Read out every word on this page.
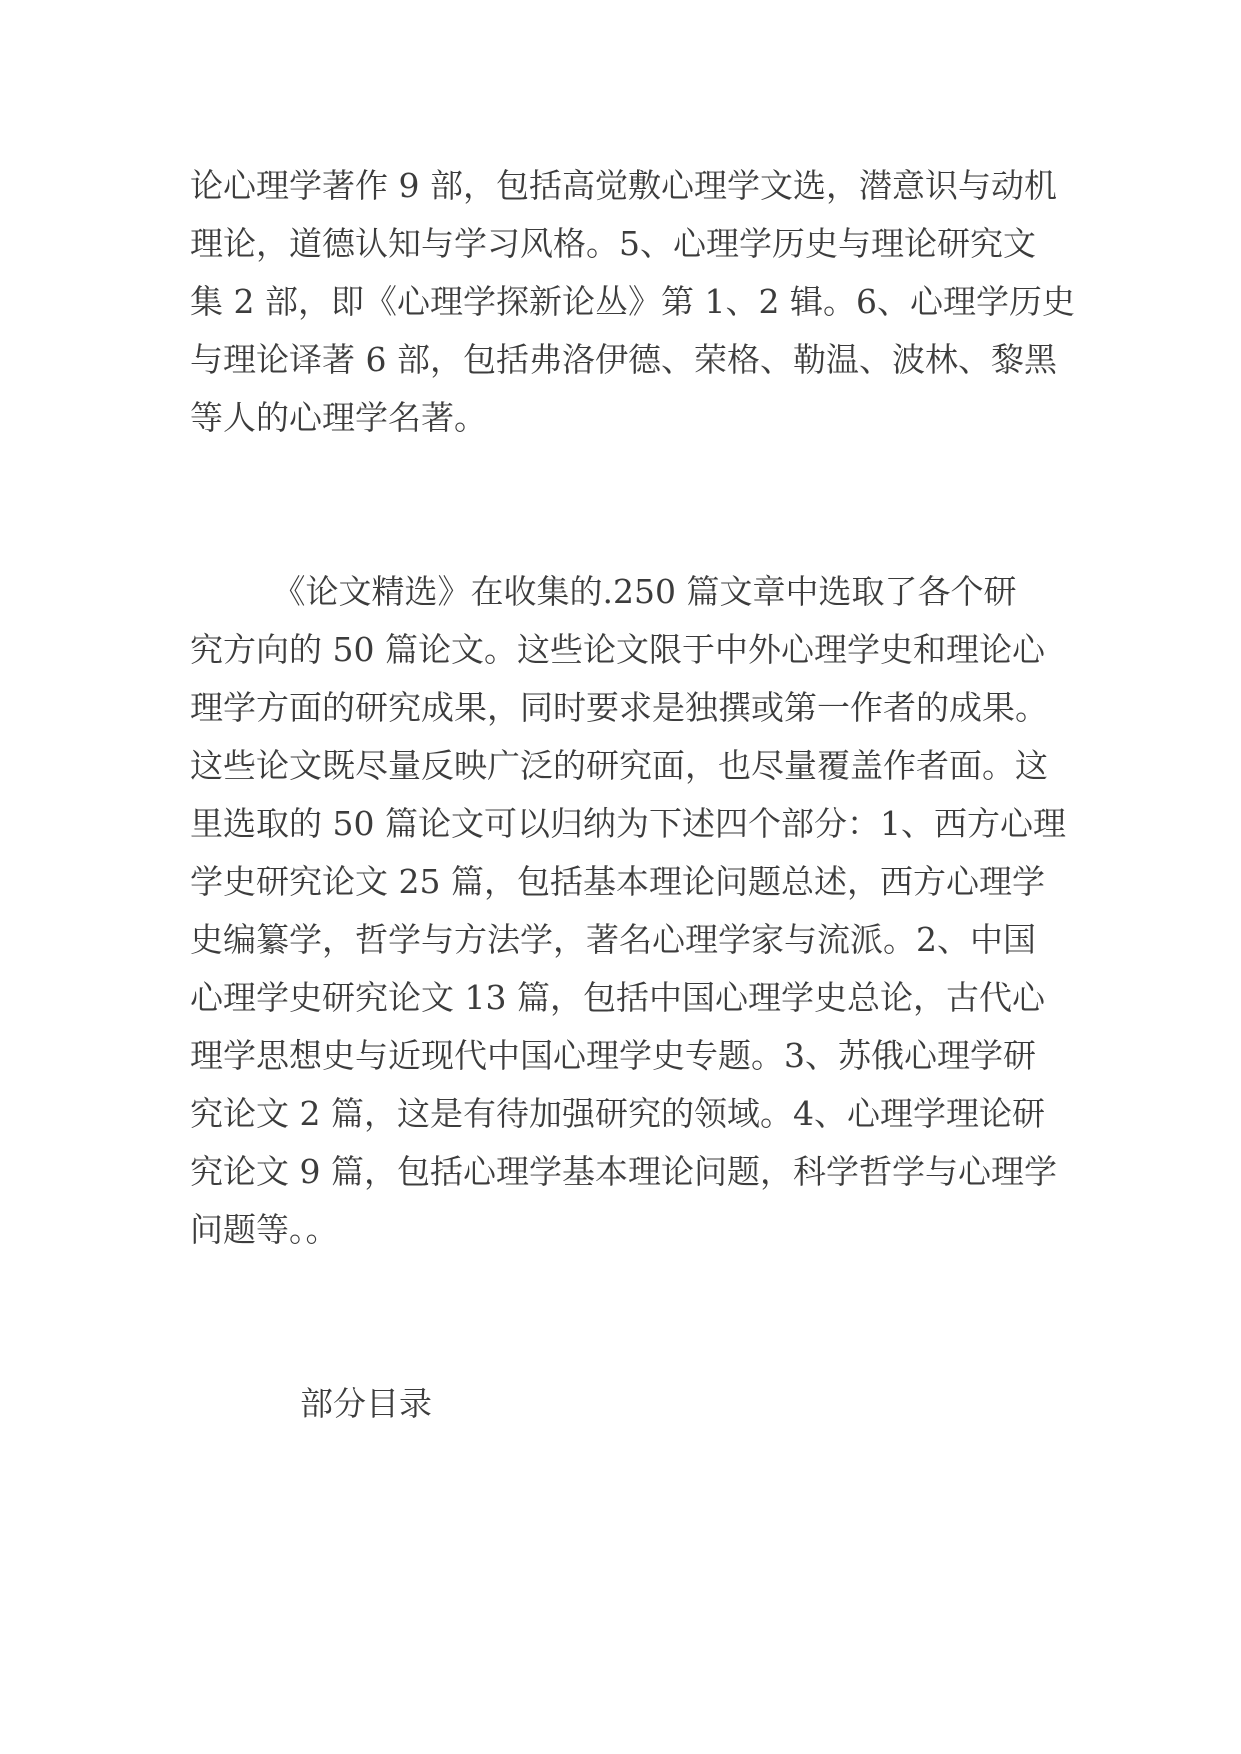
论心理学著作 9 部，包括高觉敷心理学文选，潜意识与动机

理论，道德认知与学习风格。5、心理学历史与理论研究文

集 2 部，即《心理学探新论丛》第 1、2 辑。6、心理学历史

与理论译著 6 部，包括弗洛伊德、荣格、勒温、波林、黎黑

等人的心理学名著。

　　　《论文精选》在收集的.250 篇文章中选取了各个研

究方向的 50 篇论文。这些论文限于中外心理学史和理论心

理学方面的研究成果，同时要求是独撰或第一作者的成果。

这些论文既尽量反映广泛的研究面，也尽量覆盖作者面。这

里选取的 50 篇论文可以归纳为下述四个部分：1、西方心理

学史研究论文 25 篇，包括基本理论问题总述，西方心理学

史编纂学，哲学与方法学，著名心理学家与流派。2、中国

心理学史研究论文 13 篇，包括中国心理学史总论，古代心

理学思想史与近现代中国心理学史专题。3、苏俄心理学研

究论文 2 篇，这是有待加强研究的领域。4、心理学理论研

究论文 9 篇，包括心理学基本理论问题，科学哲学与心理学

问题等。。

部分目录
